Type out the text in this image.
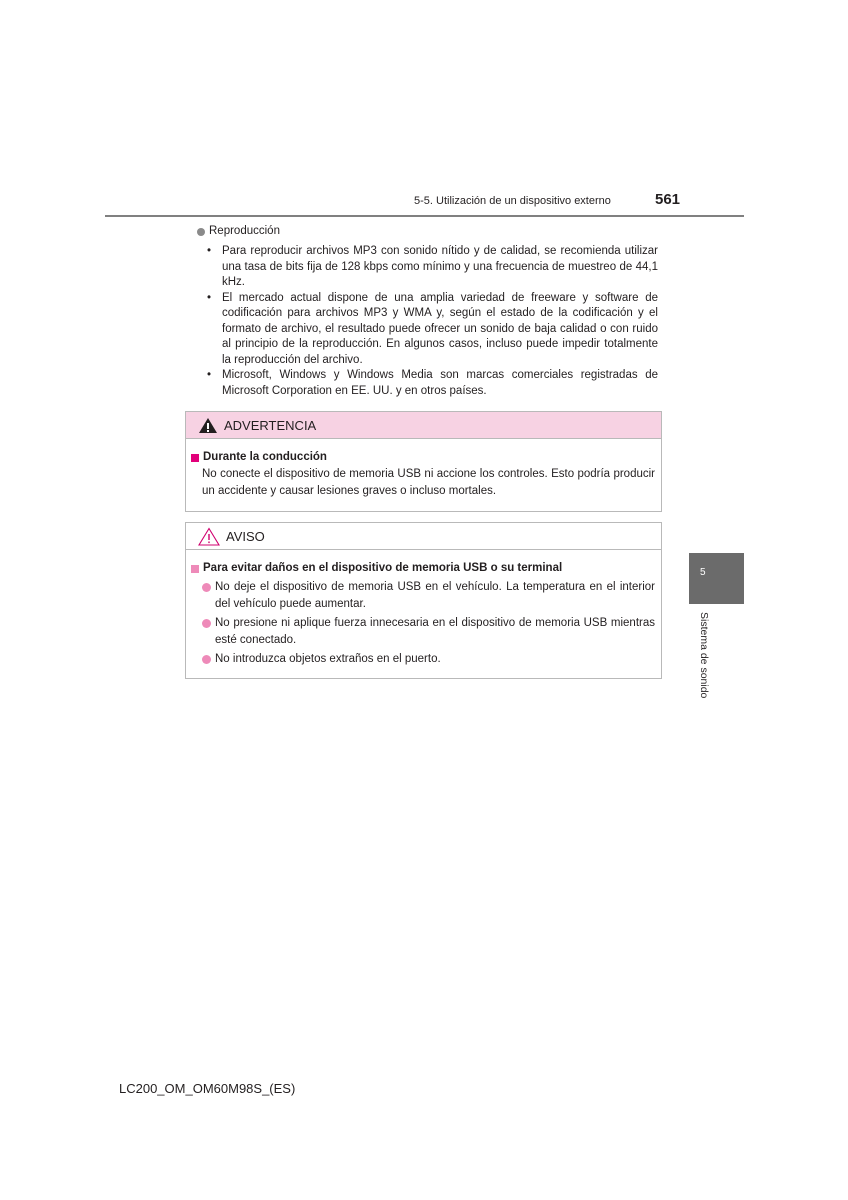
5-5. Utilización de un dispositivo externo	561
Reproducción
• Para reproducir archivos MP3 con sonido nítido y de calidad, se recomienda utilizar una tasa de bits fija de 128 kbps como mínimo y una frecuencia de muestreo de 44,1 kHz.
• El mercado actual dispone de una amplia variedad de freeware y software de codificación para archivos MP3 y WMA y, según el estado de la codificación y el formato de archivo, el resultado puede ofrecer un sonido de baja calidad o con ruido al principio de la reproducción. En algunos casos, incluso puede impedir totalmente la reproducción del archivo.
• Microsoft, Windows y Windows Media son marcas comerciales registradas de Microsoft Corporation en EE. UU. y en otros países.
ADVERTENCIA
Durante la conducción
No conecte el dispositivo de memoria USB ni accione los controles. Esto podría producir un accidente y causar lesiones graves o incluso mortales.
AVISO
Para evitar daños en el dispositivo de memoria USB o su terminal
No deje el dispositivo de memoria USB en el vehículo. La temperatura en el interior del vehículo puede aumentar.
No presione ni aplique fuerza innecesaria en el dispositivo de memoria USB mientras esté conectado.
No introduzca objetos extraños en el puerto.
5
Sistema de sonido
LC200_OM_OM60M98S_(ES)
